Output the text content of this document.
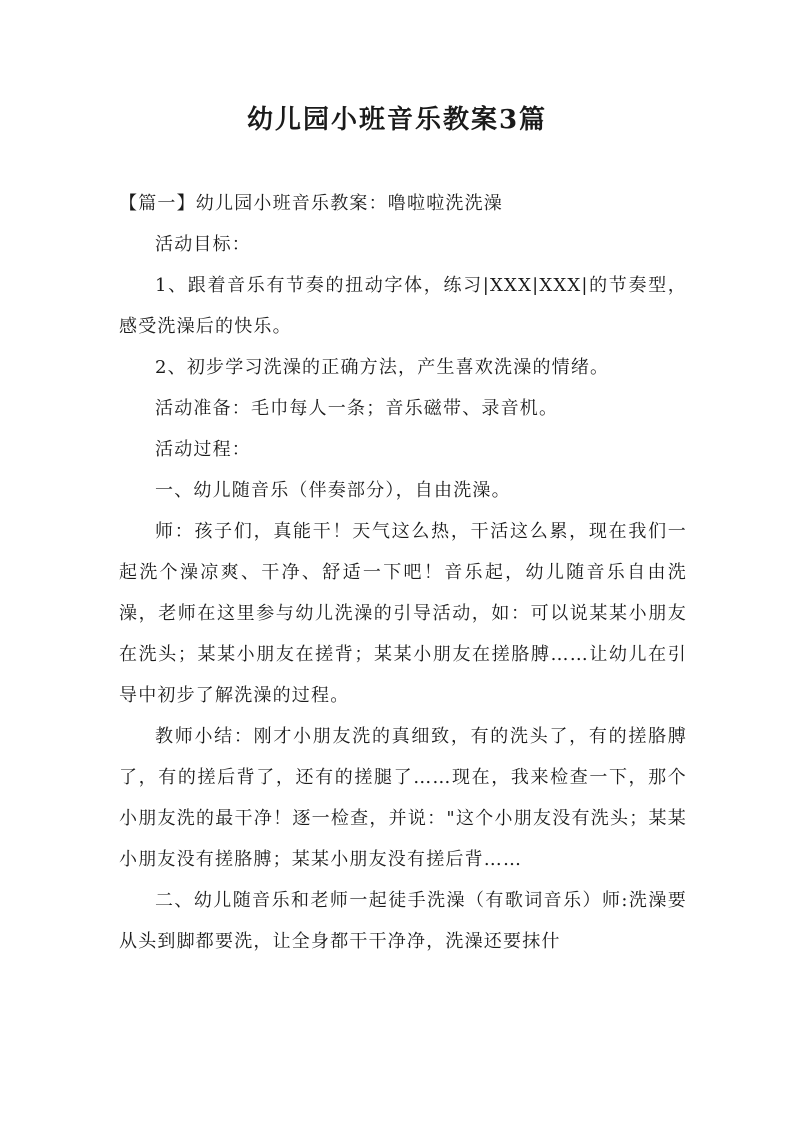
幼儿园小班音乐教案3篇

【篇一】幼儿园小班音乐教案：噜啦啦洗洗澡

活动目标：

1、跟着音乐有节奏的扭动字体，练习|XXX|XXX|的节奏型，感受洗澡后的快乐。

2、初步学习洗澡的正确方法，产生喜欢洗澡的情绪。

活动准备：毛巾每人一条；音乐磁带、录音机。

活动过程：

一、幼儿随音乐（伴奏部分），自由洗澡。

师：孩子们，真能干！天气这么热，干活这么累，现在我们一起洗个澡凉爽、干净、舒适一下吧！音乐起，幼儿随音乐自由洗澡，老师在这里参与幼儿洗澡的引导活动，如：可以说某某小朋友在洗头；某某小朋友在搓背；某某小朋友在搓胳膊……让幼儿在引导中初步了解洗澡的过程。

教师小结：刚才小朋友洗的真细致，有的洗头了，有的搓胳膊了，有的搓后背了，还有的搓腿了……现在，我来检查一下，那个小朋友洗的最干净！逐一检查，并说："这个小朋友没有洗头；某某小朋友没有搓胳膊；某某小朋友没有搓后背……

二、幼儿随音乐和老师一起徒手洗澡（有歌词音乐）师:洗澡要从头到脚都要洗，让全身都干干净净，洗澡还要抹什
